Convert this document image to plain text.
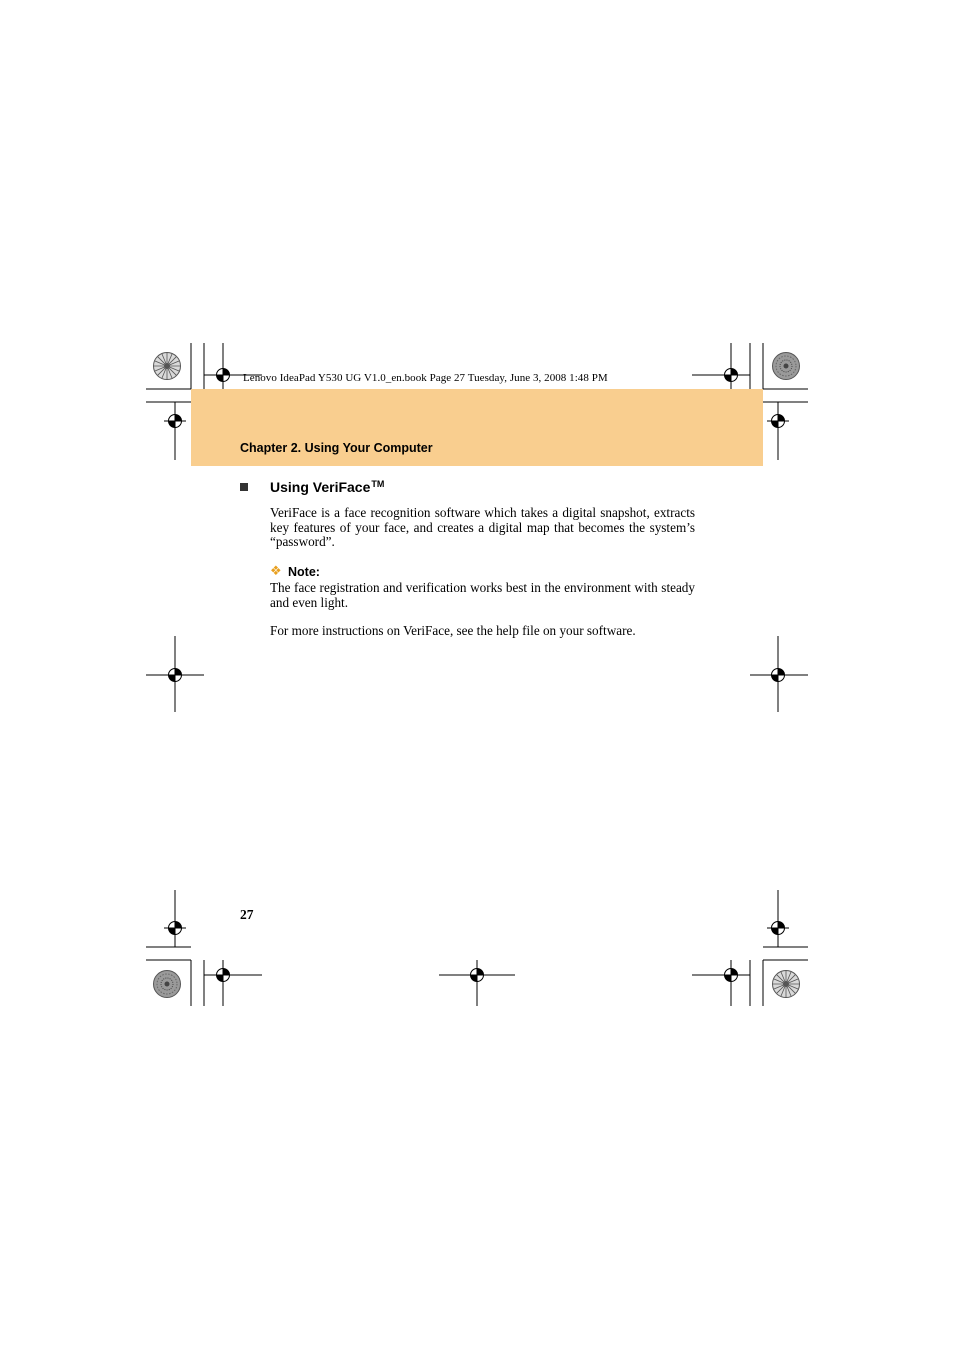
Lenovo IdeaPad Y530 UG V1.0_en.book Page 27 Tuesday, June 3, 2008 1:48 PM
Chapter 2. Using Your Computer
Using VeriFace™
VeriFace is a face recognition software which takes a digital snapshot, extracts key features of your face, and creates a digital map that becomes the system’s “password”.
❖ Note:
The face registration and verification works best in the environment with steady and even light.
For more instructions on VeriFace, see the help file on your software.
27
